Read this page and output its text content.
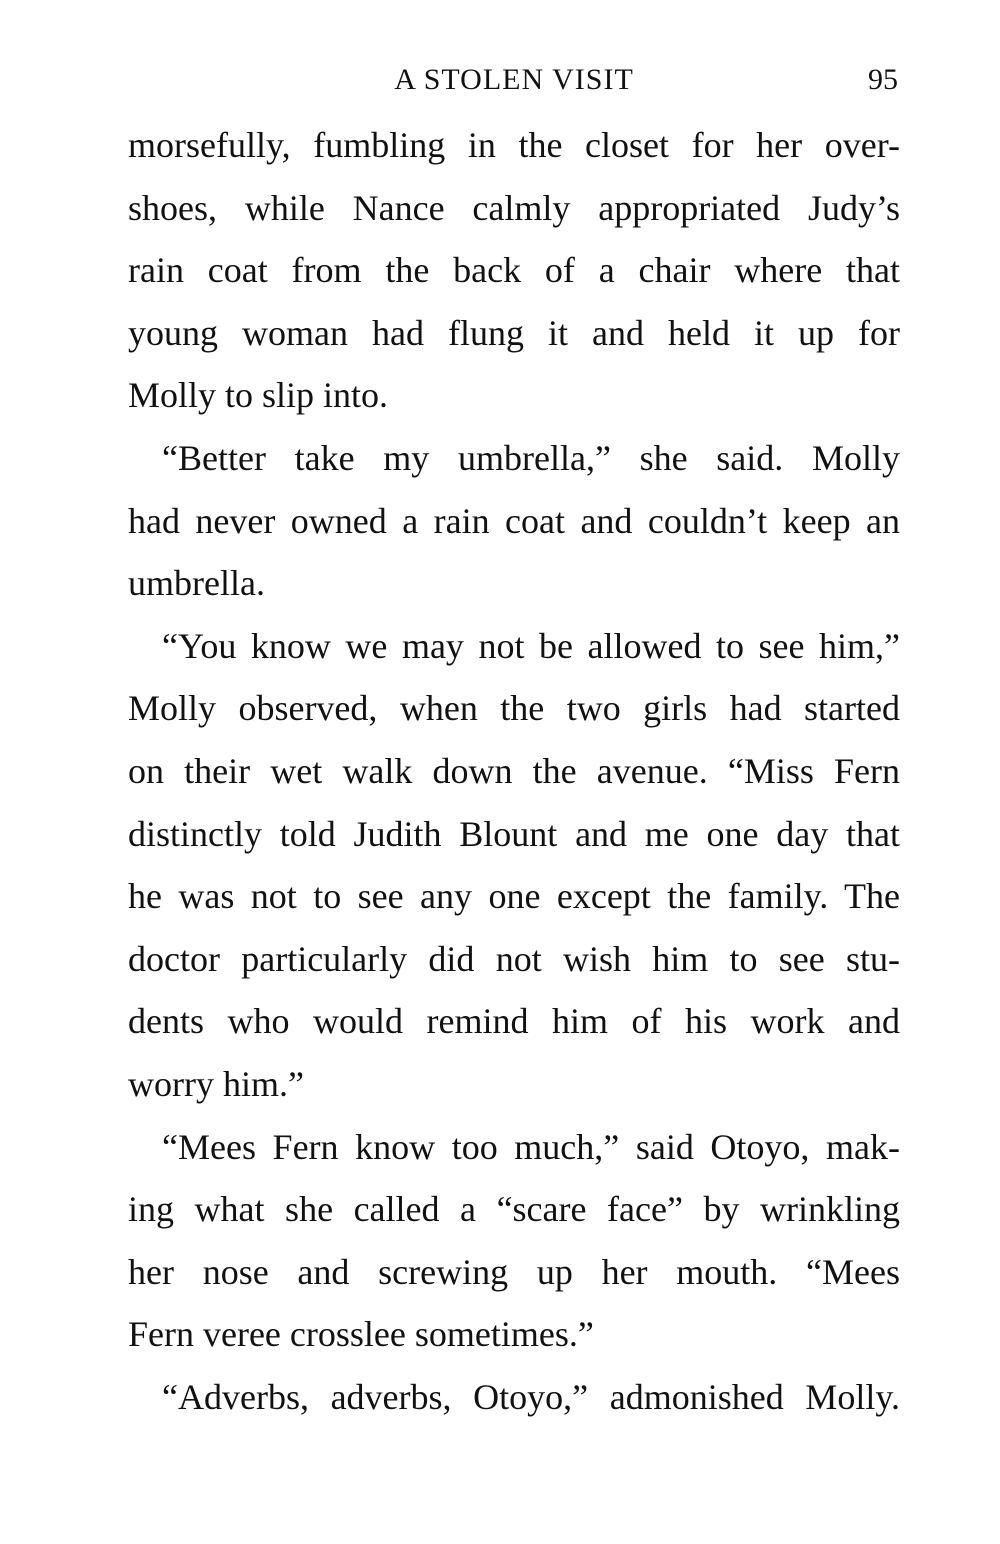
A STOLEN VISIT	95
morsefully, fumbling in the closet for her over-
shoes, while Nance calmly appropriated Judy’s
rain coat from the back of a chair where that
young woman had flung it and held it up for
Molly to slip into.
“Better take my umbrella,” she said. Molly
had never owned a rain coat and couldn’t keep an
umbrella.
“You know we may not be allowed to see him,”
Molly observed, when the two girls had started
on their wet walk down the avenue. “Miss Fern
distinctly told Judith Blount and me one day that
he was not to see any one except the family. The
doctor particularly did not wish him to see stu-
dents who would remind him of his work and
worry him.”
“Mees Fern know too much,” said Otoyo, mak-
ing what she called a “scare face” by wrinkling
her nose and screwing up her mouth. “Mees
Fern veree crosslee sometimes.”
“Adverbs, adverbs, Otoyo,” admonished Molly.
